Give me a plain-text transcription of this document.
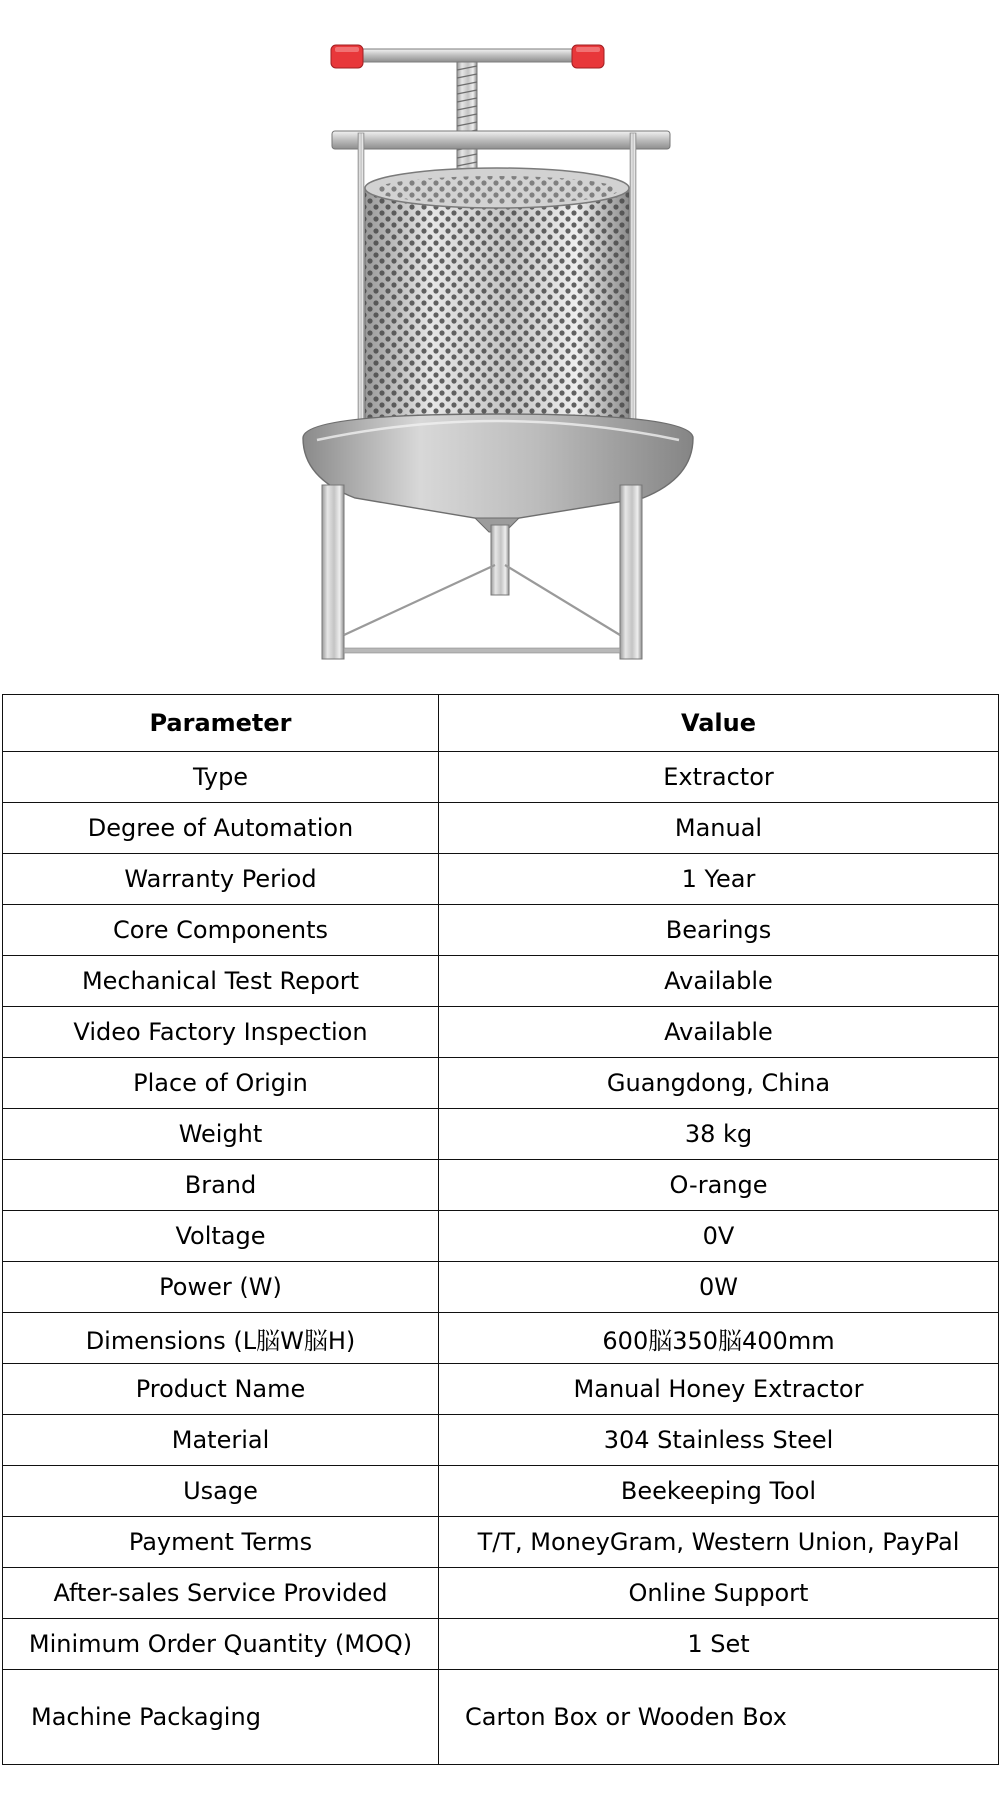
Parameter	Value
Type	Extractor
Degree of Automation	Manual
Warranty Period	1 Year
Core Components	Bearings
Mechanical Test Report	Available
Video Factory Inspection	Available
Place of Origin	Guangdong, China
Weight	38 kg
Brand	O-range
Voltage	0V
Power (W)	0W
Dimensions (L脳W脳H)	600脳350脳400mm
Product Name	Manual Honey Extractor
Material	304 Stainless Steel
Usage	Beekeeping Tool
Payment Terms	T/T, MoneyGram, Western Union, PayPal
After-sales Service Provided	Online Support
Minimum Order Quantity (MOQ)	1 Set
Machine Packaging	Carton Box or Wooden Box
